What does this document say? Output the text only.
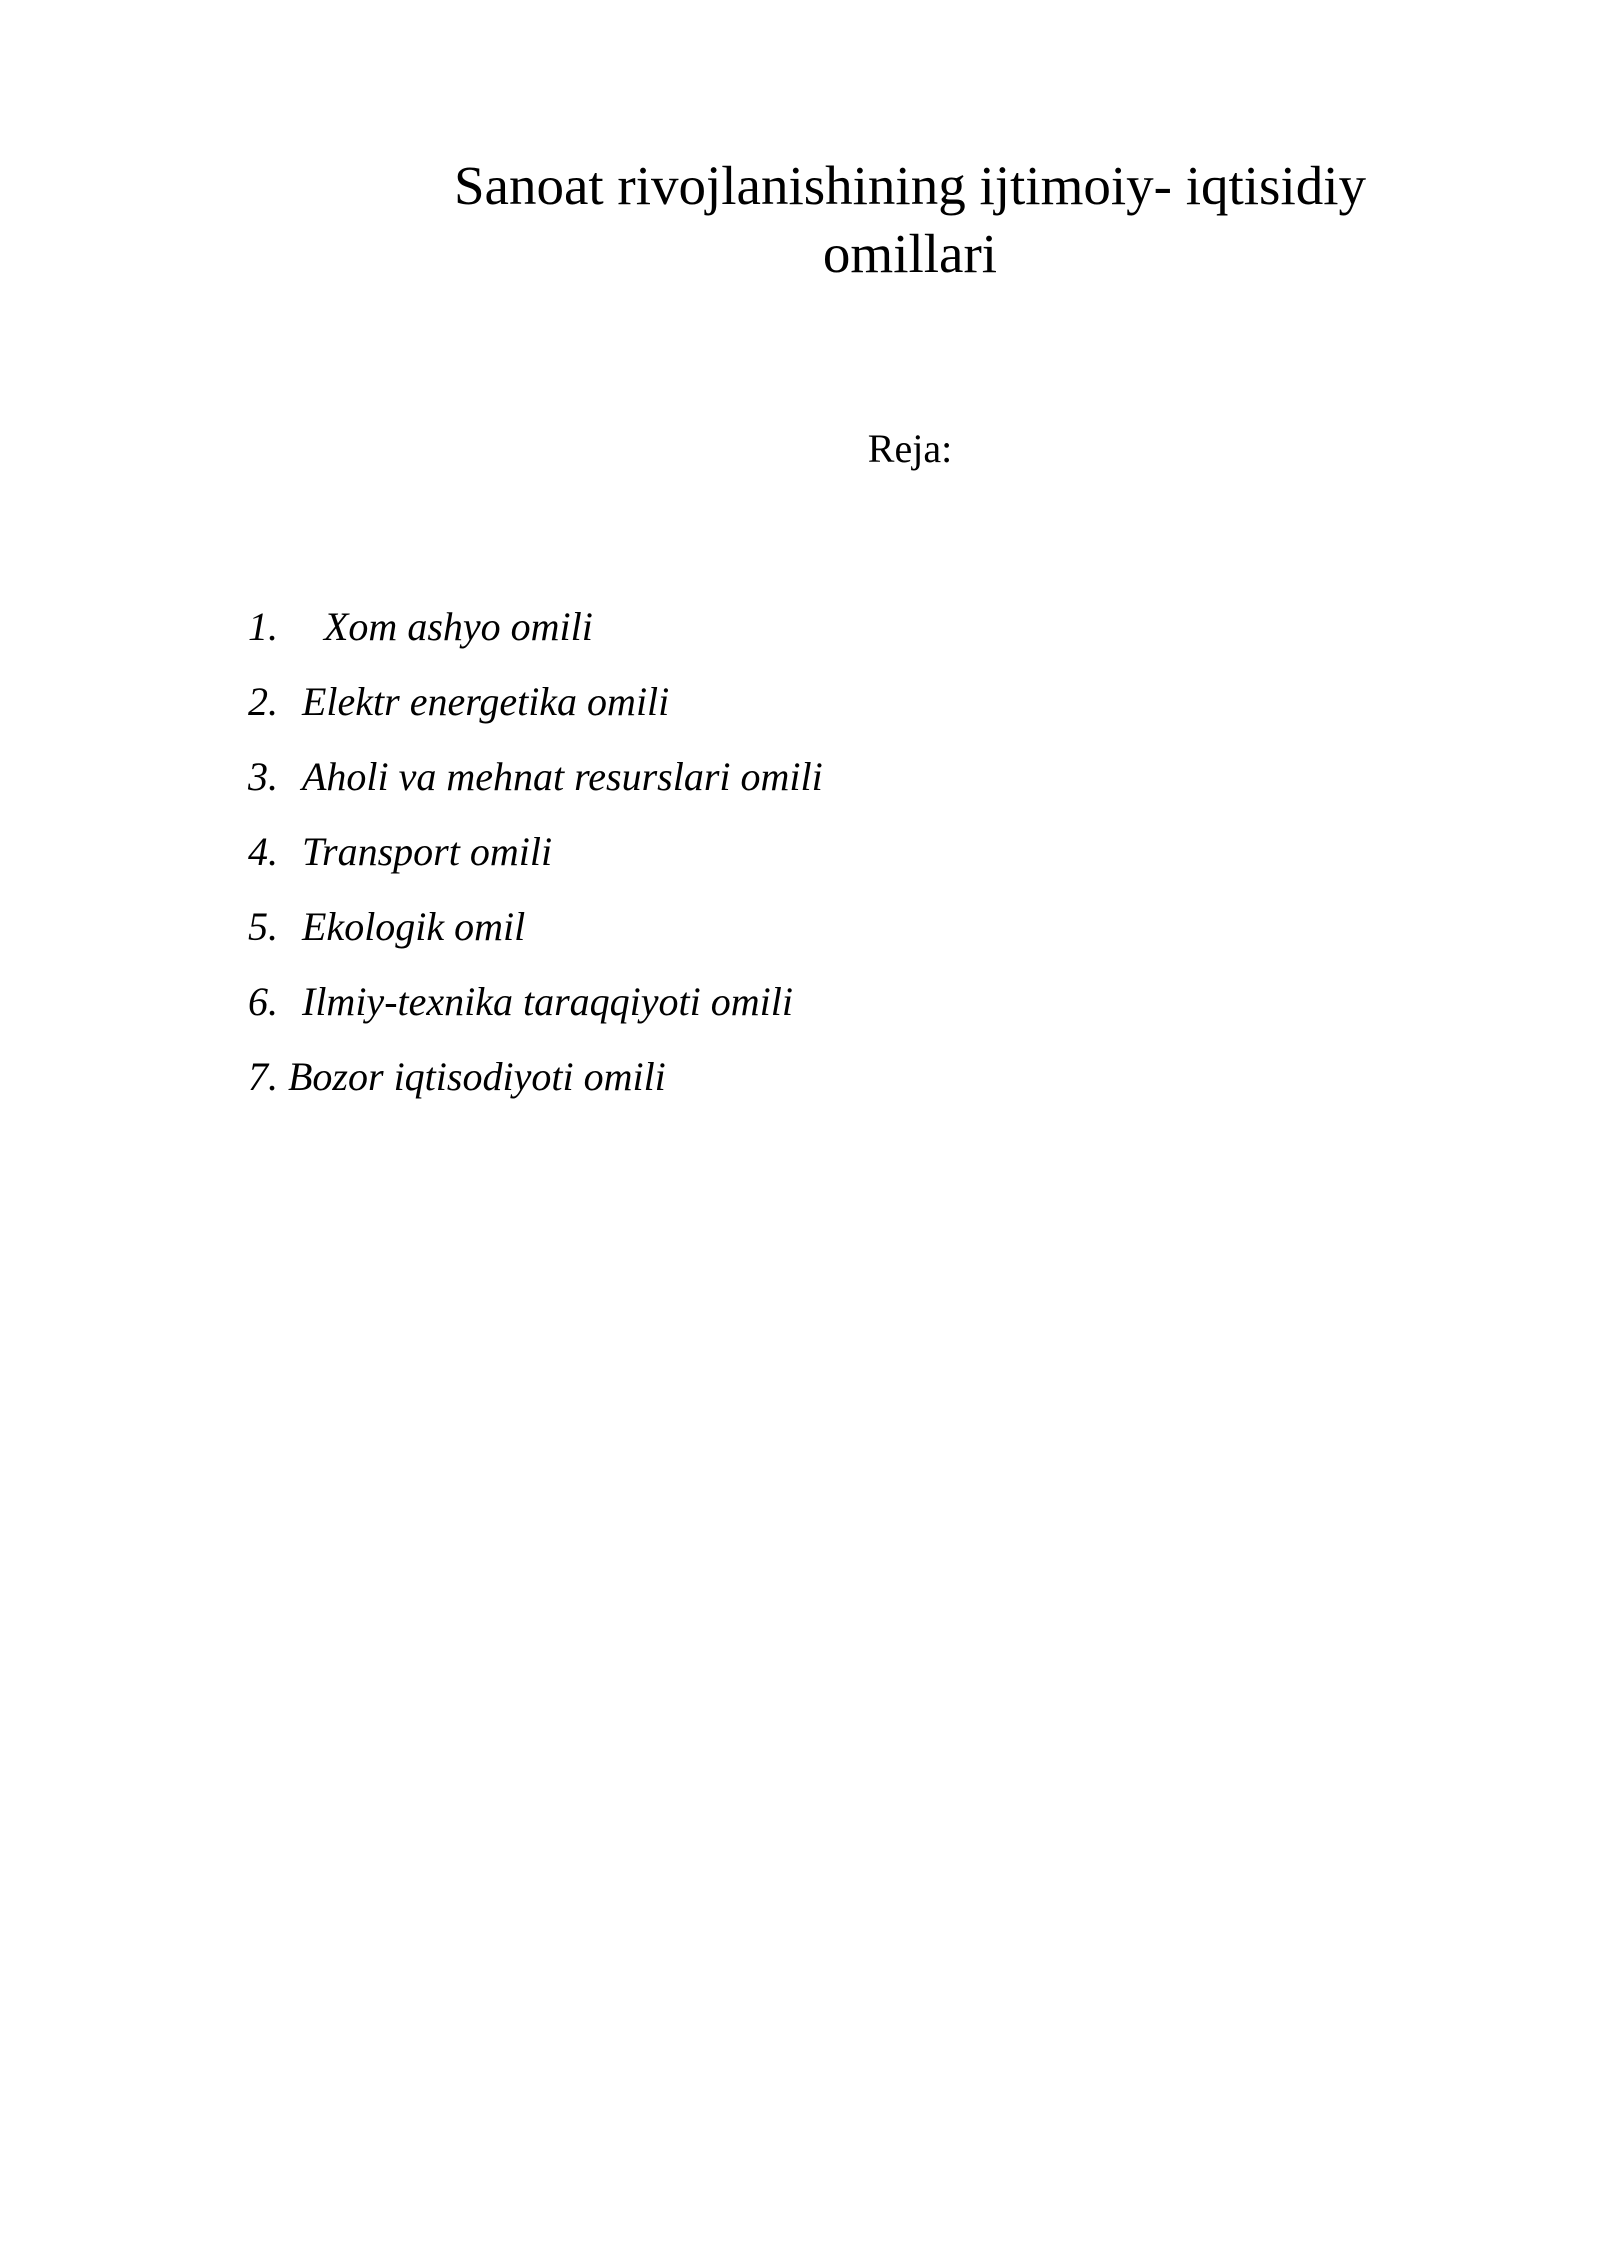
Sanoat rivojlanishining ijtimoiy- iqtisidiy
omillari

Reja:

1. Xom ashyo omili
2. Elektr energetika omili
3. Aholi va mehnat resurslari omili
4. Transport omili
5. Ekologik omil
6. Ilmiy-texnika taraqqiyoti omili
7. Bozor iqtisodiyoti omili
